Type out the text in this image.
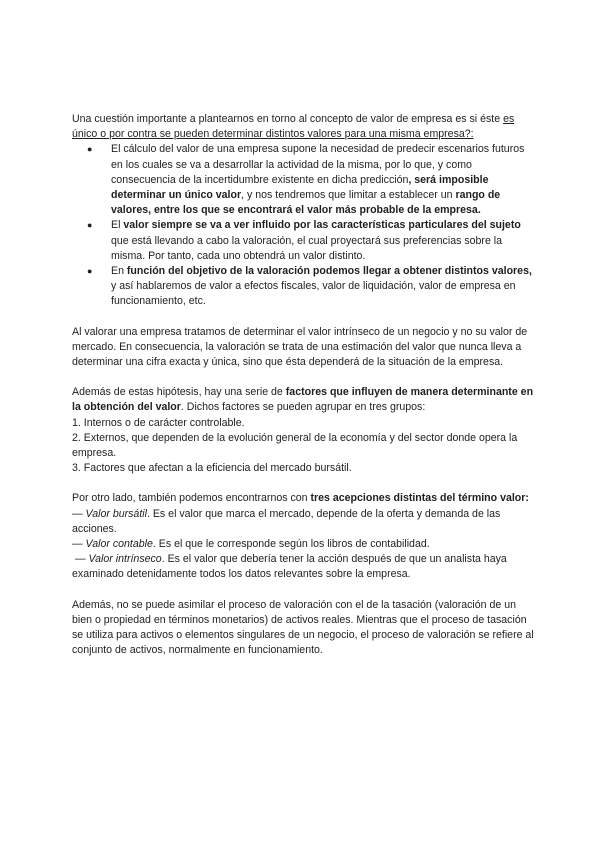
Una cuestión importante a plantearnos en torno al concepto de valor de empresa es si éste es único o por contra se pueden determinar distintos valores para una misma empresa?:

● El cálculo del valor de una empresa supone la necesidad de predecir escenarios futuros en los cuales se va a desarrollar la actividad de la misma, por lo que, y como consecuencia de la incertidumbre existente en dicha predicción, será imposible determinar un único valor, y nos tendremos que limitar a establecer un rango de valores, entre los que se encontrará el valor más probable de la empresa.
● El valor siempre se va a ver influido por las características particulares del sujeto que está llevando a cabo la valoración, el cual proyectará sus preferencias sobre la misma. Por tanto, cada uno obtendrá un valor distinto.
● En función del objetivo de la valoración podemos llegar a obtener distintos valores, y así hablaremos de valor a efectos fiscales, valor de liquidación, valor de empresa en funcionamiento, etc.

Al valorar una empresa tratamos de determinar el valor intrínseco de un negocio y no su valor de mercado. En consecuencia, la valoración se trata de una estimación del valor que nunca lleva a determinar una cifra exacta y única, sino que ésta dependerá de la situación de la empresa.

Además de estas hipótesis, hay una serie de factores que influyen de manera determinante en la obtención del valor. Dichos factores se pueden agrupar en tres grupos:

1. Internos o de carácter controlable.

2. Externos, que dependen de la evolución general de la economía y del sector donde opera la empresa.

3. Factores que afectan a la eficiencia del mercado bursátil.

Por otro lado, también podemos encontrarnos con tres acepciones distintas del término valor:

— Valor bursátil. Es el valor que marca el mercado, depende de la oferta y demanda de las acciones.

— Valor contable. Es el que le corresponde según los libros de contabilidad.

— Valor intrínseco. Es el valor que debería tener la acción después de que un analista haya examinado detenidamente todos los datos relevantes sobre la empresa.

Además, no se puede asimilar el proceso de valoración con el de la tasación (valoración de un bien o propiedad en términos monetarios) de activos reales. Mientras que el proceso de tasación se utiliza para activos o elementos singulares de un negocio, el proceso de valoración se refiere al conjunto de activos, normalmente en funcionamiento.
